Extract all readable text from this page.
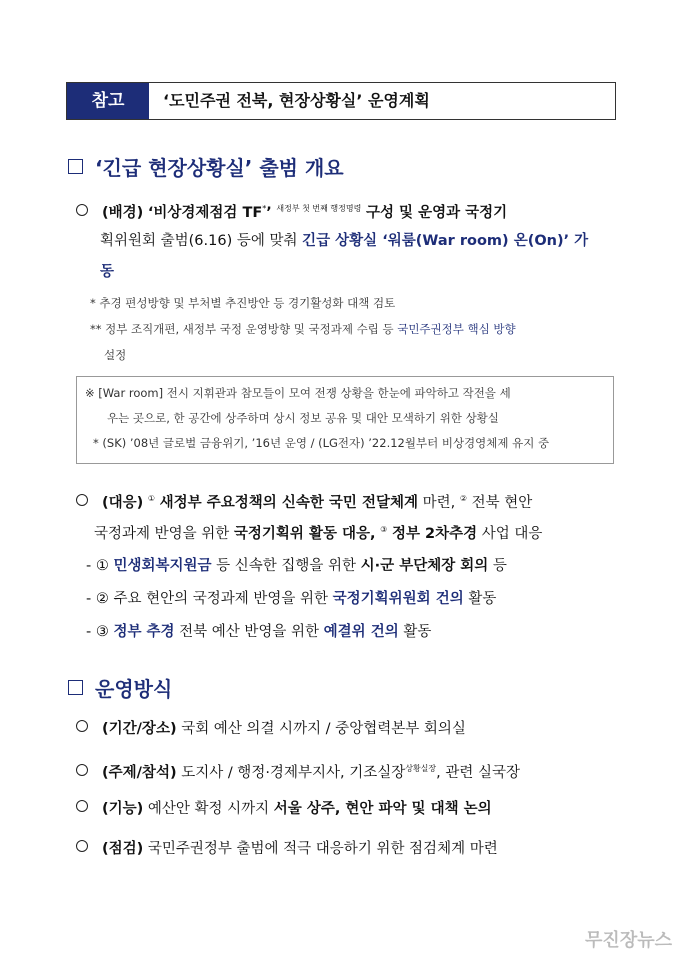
참고	‘도민주권 전북, 현장상황실’ 운영계획
‘긴급 현장상황실’ 출범 개요
(배경) ‘비상경제점검 TF*’ $^{새정부 첫 번째 행정명령}$ 구성 및 운영과 국정기
획위원회 출범(6.16) 등에 맞춰 긴급 상황실 ‘워룸(War room) 온(On)’ 가
동
* 추경 편성방향 및 부처별 추진방안 등 경기활성화 대책 검토
** 정부 조직개편, 새정부 국정 운영방향 및 국정과제 수립 등 국민주권정부 핵심 방향
설정
※ [War room] 전시 지휘관과 참모들이 모여 전쟁 상황을 한눈에 파악하고 작전을 세
우는 곳으로, 한 공간에 상주하며 상시 정보 공유 및 대안 모색하기 위한 상황실
* (SK) ’08년 글로벌 금융위기, ’16년 운영 / (LG전자) ’22.12월부터 비상경영체제 유지 중
(대응) ① 새정부 주요정책의 신속한 국민 전달체계 마련, ② 전북 현안
국정과제 반영을 위한 국정기획위 활동 대응, ③ 정부 2차추경 사업 대응
- ① 민생회복지원금 등 신속한 집행을 위한 시·군 부단체장 회의 등
- ② 주요 현안의 국정과제 반영을 위한 국정기획위원회 건의 활동
- ③ 정부 추경 전북 예산 반영을 위한 예결위 건의 활동
운영방식
(기간/장소) 국회 예산 의결 시까지 / 중앙협력본부 회의실
(주제/참석) 도지사 / 행정·경제부지사, 기조실장$^{상황실장}$, 관련 실국장
(기능) 예산안 확정 시까지 서울 상주, 현안 파악 및 대책 논의
(점검) 국민주권정부 출범에 적극 대응하기 위한 점검체계 마련
무진장뉴스
